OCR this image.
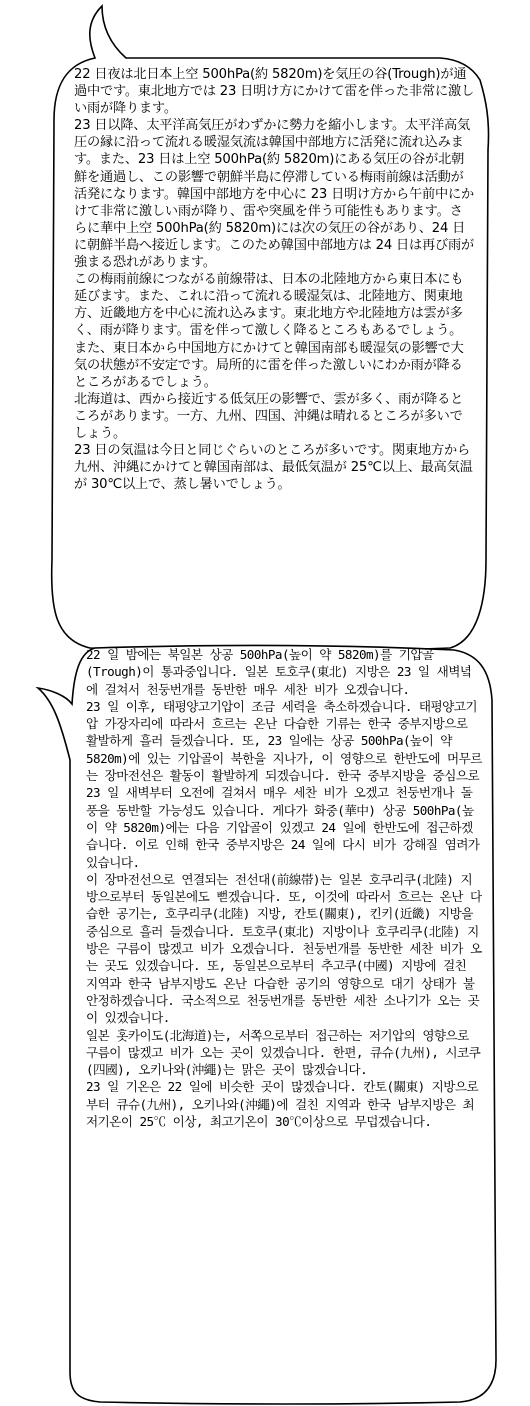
22 日夜は北日本上空 500hPa(約 5820m)を気圧の谷(Trough)が通過中です。東北地方では 23 日明け方にかけて雷を伴った非常に激しい雨が降ります。

23 日以降、太平洋高気圧がわずかに勢力を縮小します。太平洋高気圧の縁に沿って流れる暖湿気流は韓国中部地方に活発に流れ込みます。また、23 日は上空 500hPa(約 5820m)にある気圧の谷が北朝鮮を通過し、この影響で朝鮮半島に停滞している梅雨前線は活動が活発になります。韓国中部地方を中心に 23 日明け方から午前中にかけて非常に激しい雨が降り、雷や突風を伴う可能性もあります。さらに華中上空 500hPa(約 5820m)には次の気圧の谷があり、24 日に朝鮮半島へ接近します。このため韓国中部地方は 24 日は再び雨が強まる恐れがあります。

この梅雨前線につながる前線帯は、日本の北陸地方から東日本にも延びます。また、これに沿って流れる暖湿気は、北陸地方、関東地方、近畿地方を中心に流れ込みます。東北地方や北陸地方は雲が多く、雨が降ります。雷を伴って激しく降るところもあるでしょう。また、東日本から中国地方にかけてと韓国南部も暖湿気の影響で大気の状態が不安定です。局所的に雷を伴った激しいにわか雨が降るところがあるでしょう。

北海道は、西から接近する低気圧の影響で、雲が多く、雨が降るところがあります。一方、九州、四国、沖縄は晴れるところが多いでしょう。

23 日の気温は今日と同じぐらいのところが多いです。関東地方から九州、沖縄にかけてと韓国南部は、最低気温が 25℃以上、最高気温が 30℃以上で、蒸し暑いでしょう。

22 일 밤에는 북일본 상공 500hPa(높이 약 5820m)를 기압골(Trough)이 통과중입니다. 일본 토호쿠(東北) 지방은 23 일 새벽녘에 걸쳐서 천둥번개를 동반한 매우 세찬 비가 오겠습니다.

23 일 이후, 태평양고기압이 조금 세력을 축소하겠습니다. 태평양고기압 가장자리에 따라서 흐르는 온난 다습한 기류는 한국 중부지방으로 활발하게 흘러 들겠습니다. 또, 23 일에는 상공 500hPa(높이 약 5820m)에 있는 기압골이 북한을 지나가, 이 영향으로 한반도에 머무르는 장마전선은 활동이 활발하게 되겠습니다. 한국 중부지방을 중심으로 23 일 새벽부터 오전에 걸쳐서 매우 세찬 비가 오겠고 천둥번개나 돌풍을 동반할 가능성도 있습니다. 게다가 화중(華中) 상공 500hPa(높이 약 5820m)에는 다음 기압골이 있겠고 24 일에 한반도에 접근하겠습니다. 이로 인해 한국 중부지방은 24 일에 다시 비가 강해질 염려가 있습니다.

이 장마전선으로 연결되는 전선대(前線帯)는 일본 호쿠리쿠(北陸) 지방으로부터 동일본에도 뻗겠습니다. 또, 이것에 따라서 흐르는 온난 다습한 공기는, 호쿠리쿠(北陸) 지방, 칸토(關東), 킨키(近畿) 지방을 중심으로 흘러 들겠습니다. 토호쿠(東北) 지방이나 호쿠리쿠(北陸) 지방은 구름이 많겠고 비가 오겠습니다. 천둥번개를 동반한 세찬 비가 오는 곳도 있겠습니다. 또, 동일본으로부터 추고쿠(中國) 지방에 걸친 지역과 한국 남부지방도 온난 다습한 공기의 영향으로 대기 상태가 불안정하겠습니다. 국소적으로 천둥번개를 동반한 세찬 소나기가 오는 곳이 있겠습니다.

일본 홋카이도(北海道)는, 서쪽으로부터 접근하는 저기압의 영향으로 구름이 많겠고 비가 오는 곳이 있겠습니다. 한편, 큐슈(九州), 시코쿠(四國), 오키나와(沖繩)는 맑은 곳이 많겠습니다.

23 일 기온은 22 일에 비슷한 곳이 많겠습니다. 칸토(關東) 지방으로부터 큐슈(九州), 오키나와(沖繩)에 걸친 지역과 한국 남부지방은 최저기온이 25℃ 이상, 최고기온이 30℃이상으로 무덥겠습니다.
